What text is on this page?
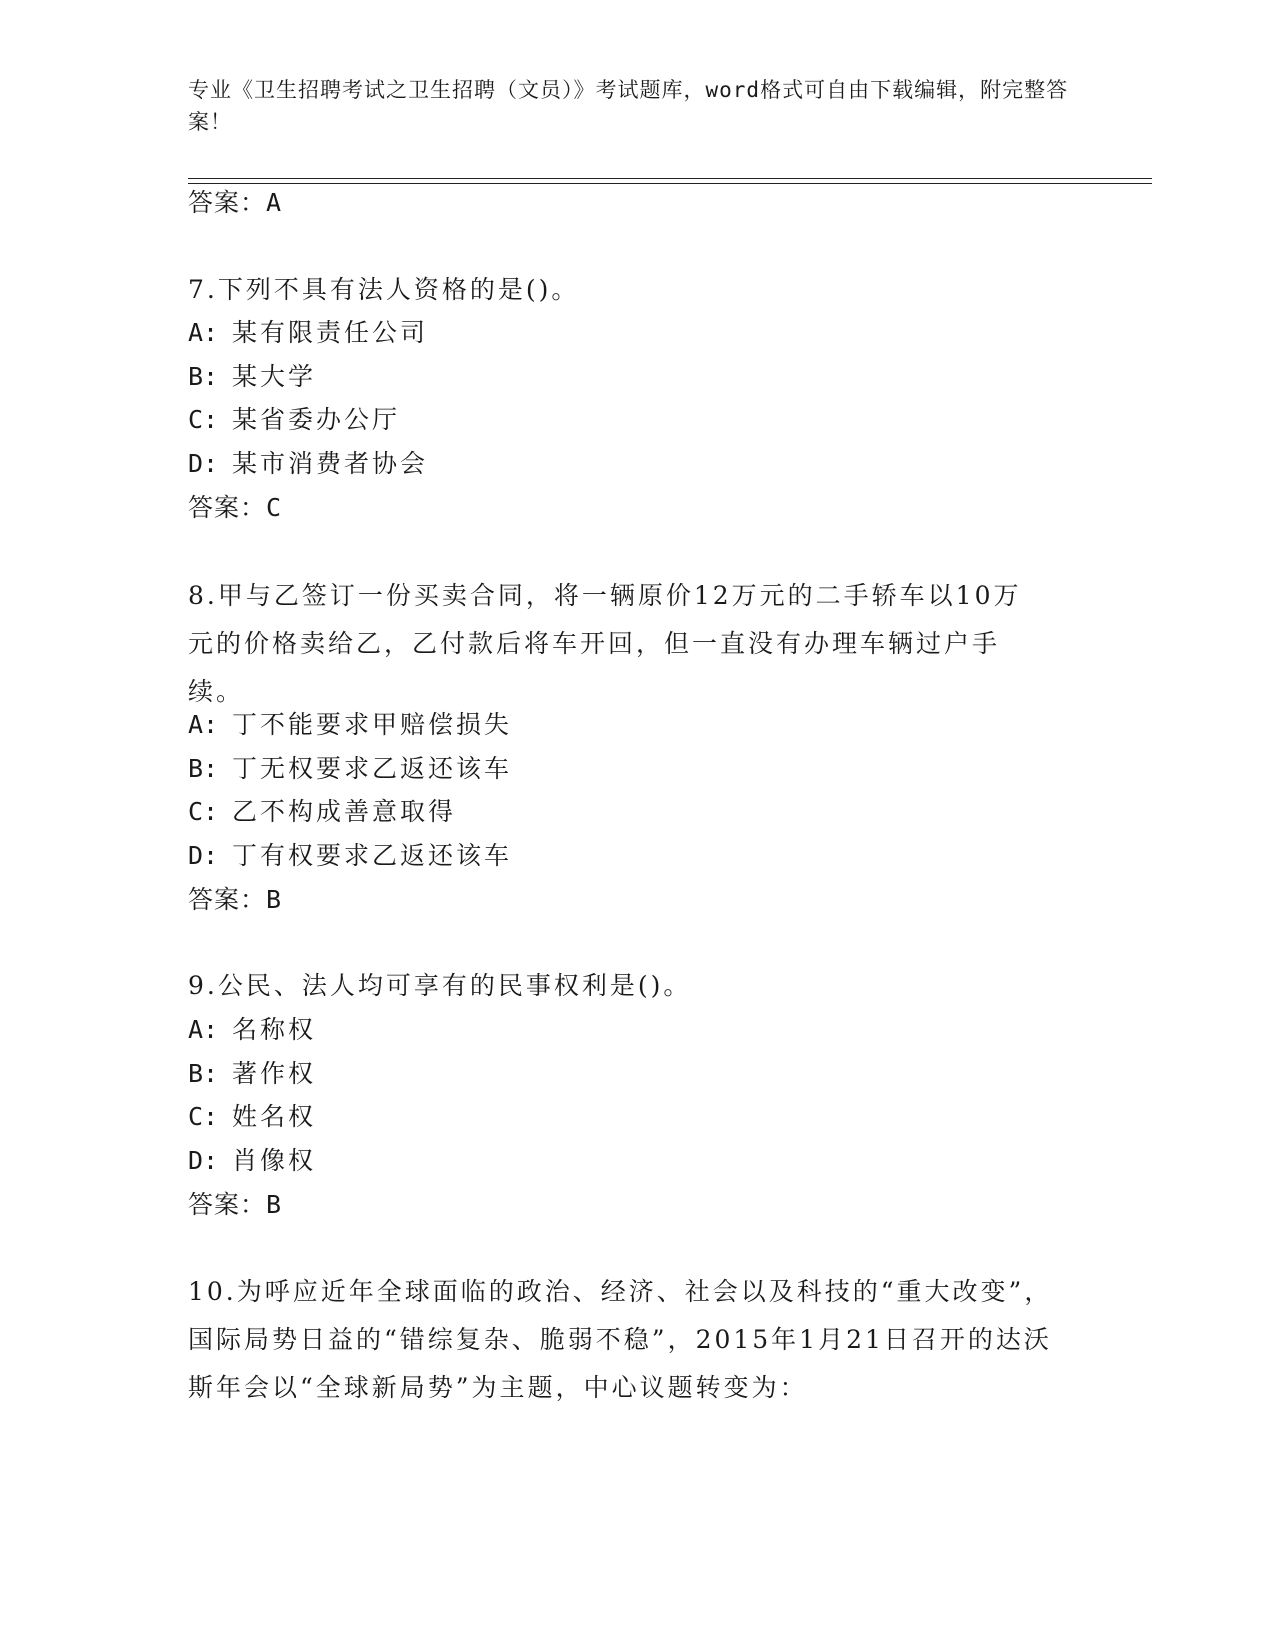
专业《卫生招聘考试之卫生招聘（文员）》考试题库，word格式可自由下载编辑，附完整答案！
答案：A
7.下列不具有法人资格的是()。
A: 某有限责任公司
B: 某大学
C: 某省委办公厅
D: 某市消费者协会
答案：C
8.甲与乙签订一份买卖合同，将一辆原价12万元的二手轿车以10万元的价格卖给乙，乙付款后将车开回，但一直没有办理车辆过户手续。
A: 丁不能要求甲赔偿损失
B: 丁无权要求乙返还该车
C: 乙不构成善意取得
D: 丁有权要求乙返还该车
答案：B
9.公民、法人均可享有的民事权利是()。
A: 名称权
B: 著作权
C: 姓名权
D: 肖像权
答案：B
10.为呼应近年全球面临的政治、经济、社会以及科技的“重大改变”，国际局势日益的“错综复杂、脆弱不稳”，2015年1月21日召开的达沃斯年会以“全球新局势”为主题，中心议题转变为：
